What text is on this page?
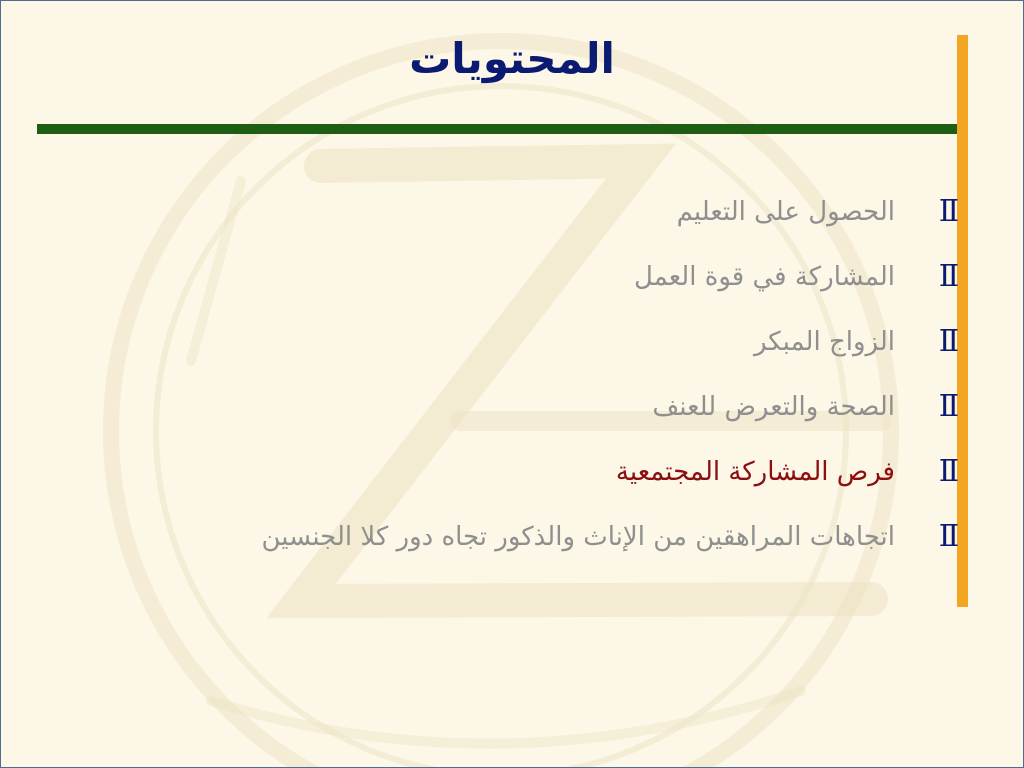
المحتويات
Ⅱ
الحصول على التعليم
Ⅱ
المشاركة في قوة العمل
Ⅱ
الزواج المبكر
Ⅱ
الصحة والتعرض للعنف
Ⅱ
فرص المشاركة المجتمعية
Ⅱ
اتجاهات المراهقين من الإناث والذكور تجاه دور كلا الجنسين
